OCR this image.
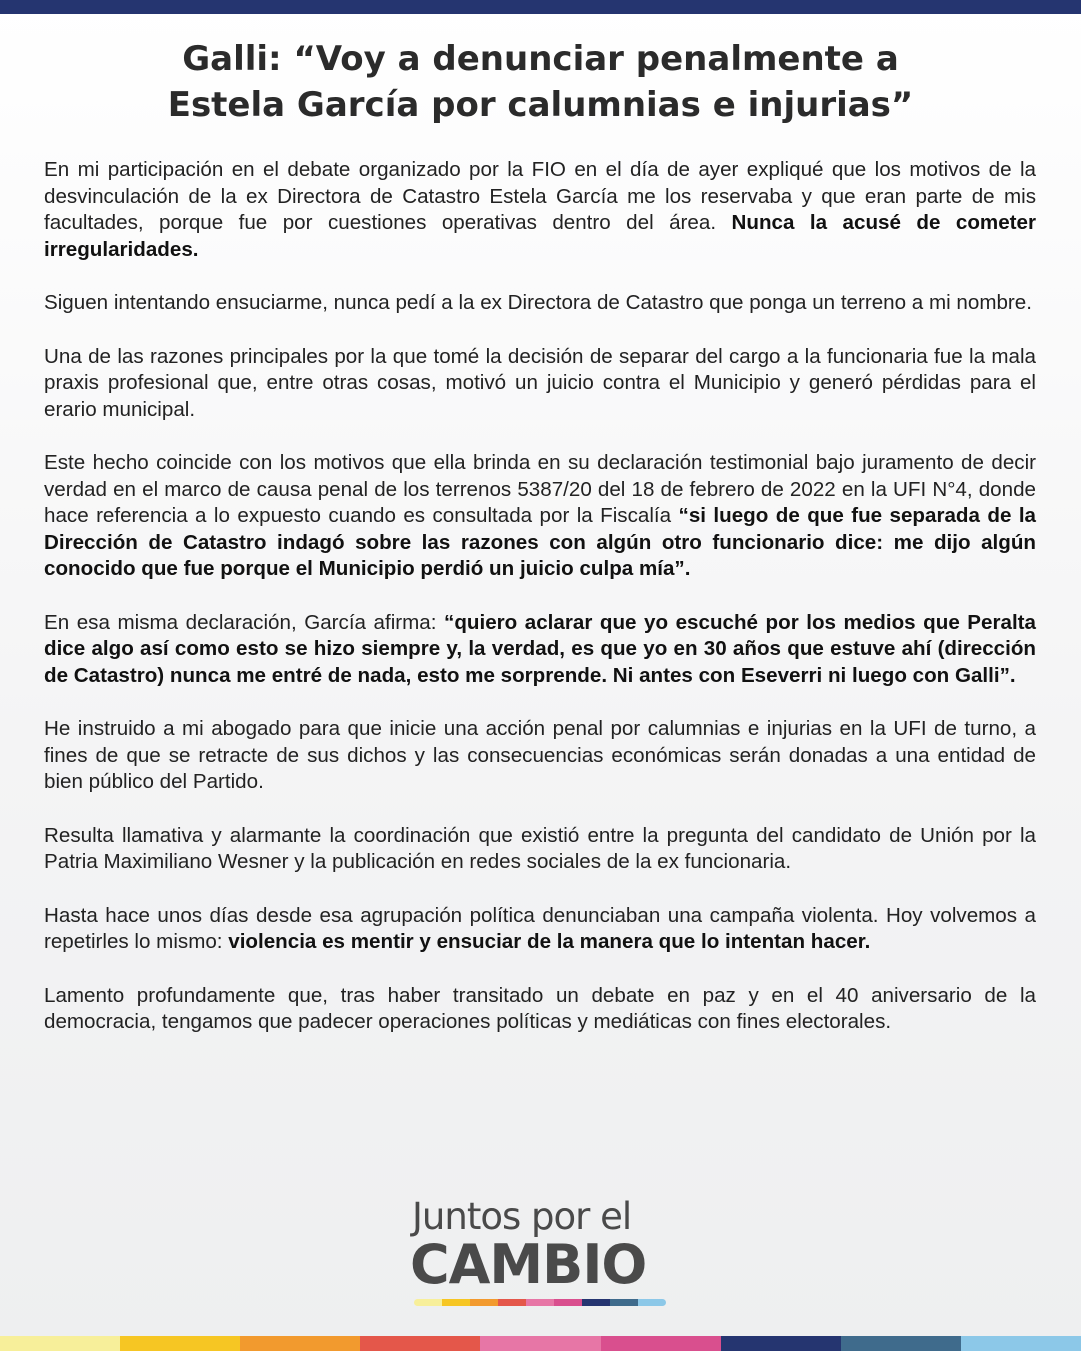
Galli: “Voy a denunciar penalmente a
Estela García por calumnias e injurias”

En mi participación en el debate organizado por la FIO en el día de ayer expliqué que los motivos de la desvinculación de la ex Directora de Catastro Estela García me los reservaba y que eran parte de mis facultades, porque fue por cuestiones operativas dentro del área. Nunca la acusé de cometer irregularidades.

Siguen intentando ensuciarme, nunca pedí a la ex Directora de Catastro que ponga un terreno a mi nombre.

Una de las razones principales por la que tomé la decisión de separar del cargo a la funcionaria fue la mala praxis profesional que, entre otras cosas, motivó un juicio contra el Municipio y generó pérdidas para el erario municipal.

Este hecho coincide con los motivos que ella brinda en su declaración testimonial bajo juramento de decir verdad en el marco de causa penal de los terrenos 5387/20 del 18 de febrero de 2022 en la UFI N°4, donde hace referencia a lo expuesto cuando es consultada por la Fiscalía “si luego de que fue separada de la Dirección de Catastro indagó sobre las razones con algún otro funcionario dice: me dijo algún conocido que fue porque el Municipio perdió un juicio culpa mía”.

En esa misma declaración, García afirma: “quiero aclarar que yo escuché por los medios que Peralta dice algo así como esto se hizo siempre y, la verdad, es que yo en 30 años que estuve ahí (dirección de Catastro) nunca me entré de nada, esto me sorprende. Ni antes con Eseverri ni luego con Galli”.

He instruido a mi abogado para que inicie una acción penal por calumnias e injurias en la UFI de turno, a fines de que se retracte de sus dichos y las consecuencias económicas serán donadas a una entidad de bien público del Partido.

Resulta llamativa y alarmante la coordinación que existió entre la pregunta del candidato de Unión por la Patria Maximiliano Wesner y la publicación en redes sociales de la ex funcionaria.

Hasta hace unos días desde esa agrupación política denunciaban una campaña violenta. Hoy volvemos a repetirles lo mismo: violencia es mentir y ensuciar de la manera que lo intentan hacer.

Lamento profundamente que, tras haber transitado un debate en paz y en el 40 aniversario de la democracia, tengamos que padecer operaciones políticas y mediáticas con fines electorales.

Juntos por el
CAMBIO
